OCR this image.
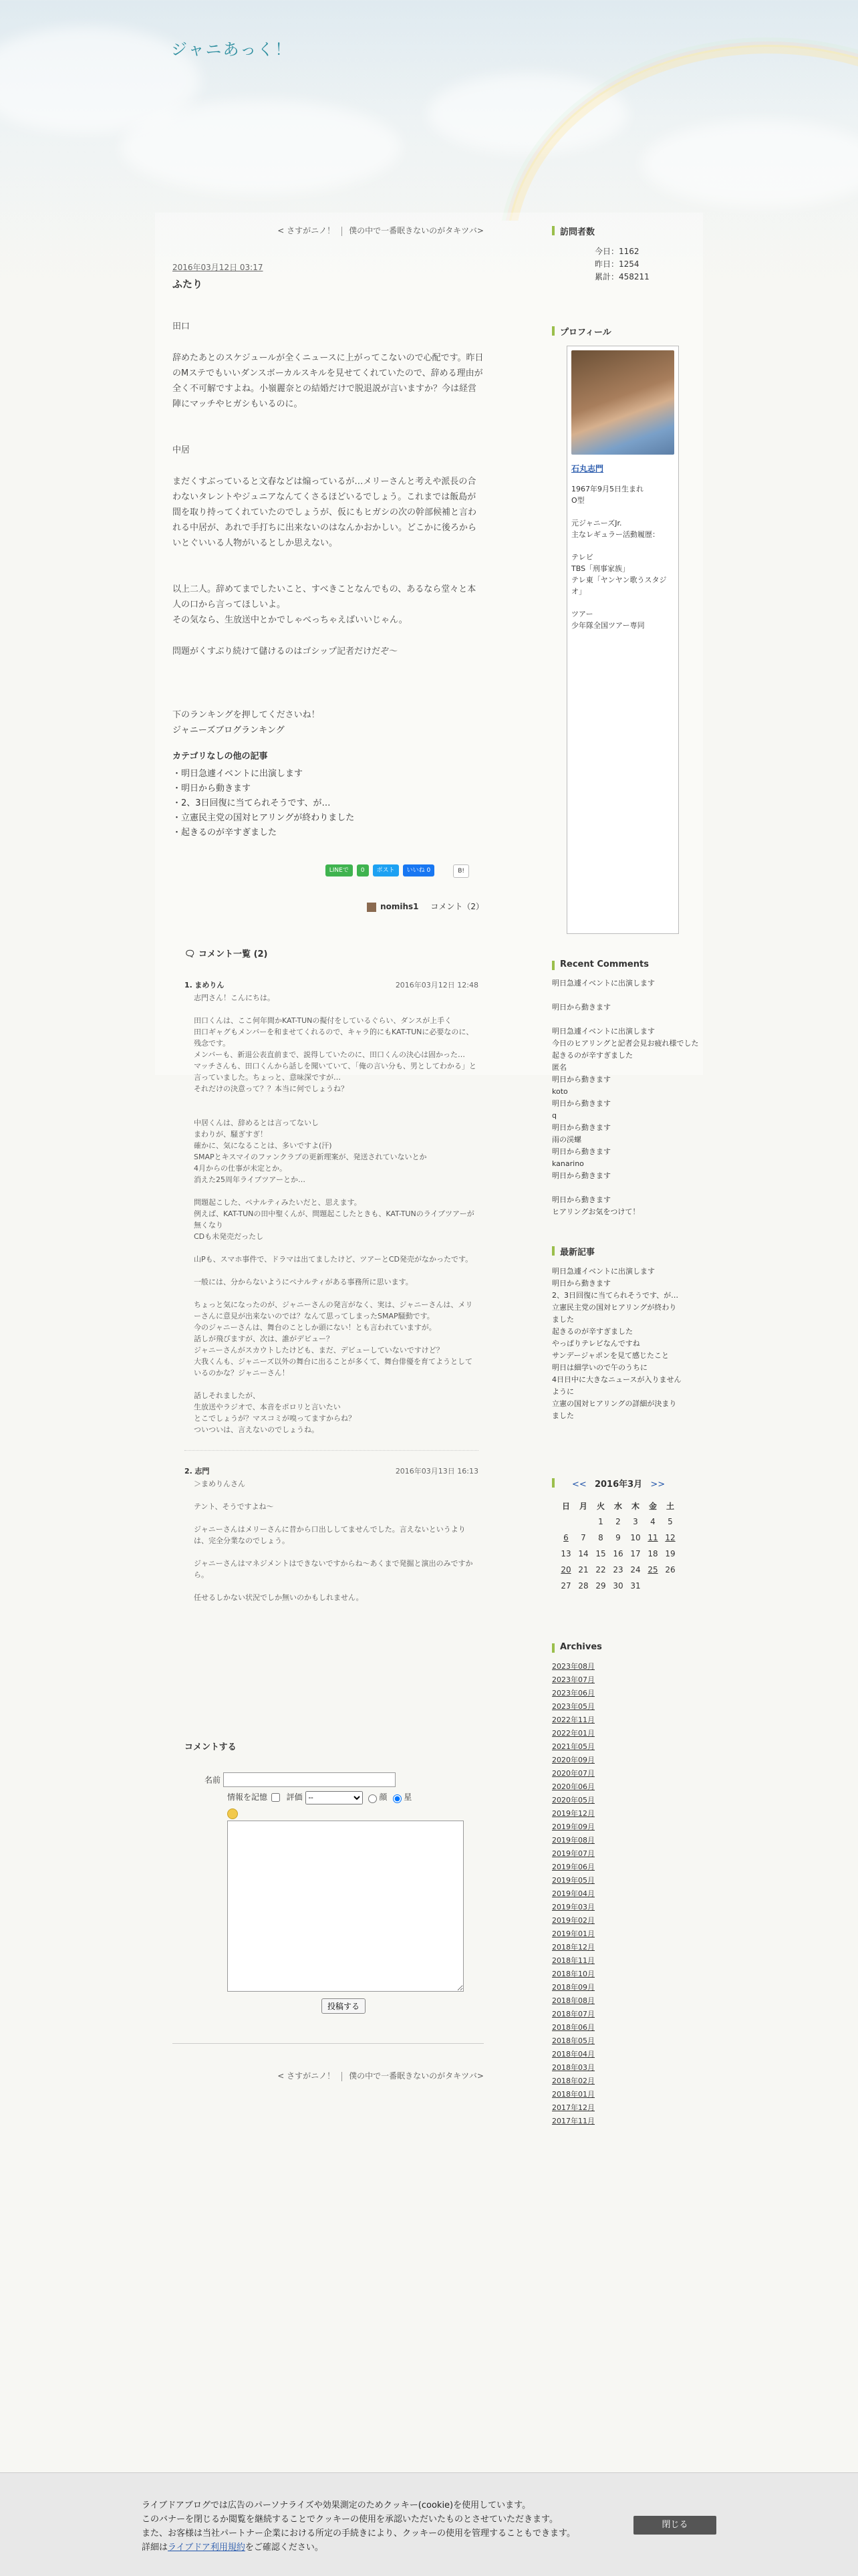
ジャニあっく！
< さすがニノ！ 僕の中で一番眠きないのがタキツバ>
2016年03月12日 03:17
ふたり

田口

辞めたあとのスケジュールが全くニュースに上がってこないので心配です。昨日のMステでもいいダンスボーカルスキルを見せてくれていたので、辞める理由が全く不可解ですよね。小嶺麗奈との結婚だけで脱退説が言いますか？今は経営陣にマッチやヒガシもいるのに。

中居

まだくすぶっていると文春などは煽っているが…メリーさんと考えや派長の合わないタレントやジュニアなんてくさるほどいるでしょう。これまでは飯島が間を取り持ってくれていたのでしょうが、仮にもヒガシの次の幹部候補と言われる中居が、あれで手打ちに出来ないのはなんかおかしい。どこかに後ろからいとぐいいる人物がいるとしか思えない。

以上二人。辞めてまでしたいこと、すべきことなんでもの、あるなら堂々と本人の口から言ってほしいよ。
その気なら、生放送中とかでしゃべっちゃえばいいじゃん。

問題がくすぶり続けて儲けるのはゴシップ記者だけだぞ〜

下のランキングを押してくださいね！

ジャニーズブログランキング

カテゴリなしの他の記事
・ 明日急遽イベントに出演します
・ 明日から動きます
・ 2、3日回復に当てられそうです、が…
・ 立憲民主党の国対ヒアリングが終わりました
・ 起きるのが辛すぎました
LINEで	0	ポスト	いいね 0	B!
nomihs1 コメント（2）
🗨 コメント一覧 (2)
1. まめりん	2016年03月12日 12:48
志門さん！こんにちは。

田口くんは、ここ何年間かKAT-TUNの擬付をしているぐらい、ダンスが上手く
田口ギャグもメンバーを和ませてくれるので、キャラ的にもKAT-TUNに必要なのに、残念です。
メンバーも、新退公表直前まで、説得していたのに、田口くんの決心は固かった…
マッチさんも、田口くんから話しを聞いていて、「俺の言い分も、男としてわかる」と言っていました。ちょっと、意味深ですが…
それだけの決意って？？本当に何でしょうね？

中居くんは、辞めるとは言ってないし
まわりが、騒ぎすぎ！
確かに、気になることは、多いですよ(汗)
SMAPとキスマイのファンクラブの更新理案が、発送されていないとか
4月からの仕事が未定とか。
消えた25周年ライブツアーとか…

問題起こした、ペナルティみたいだと、思えます。
例えば、KAT-TUNの田中聖くんが、問題起こしたときも、KAT-TUNのライブツアーが無くなり
CDも未発売だったし

山Pも、スマホ事件で、ドラマは出てましたけど、ツアーとCD発売がなかったです。

一般には、分からないようにペナルティがある事務所に思います。

ちょっと気になったのが、ジャニーさんの発言がなく、実は、ジャニーさんは、メリーさんに意見が出来ないのでは？なんて思ってしまったSMAP騒動です。
今のジャニーさんは、舞台のことしか頭にない！とも言われていますが。
話しが飛びますが、次は、誰がデビュー？
ジャニーさんがスカウトしたけども、まだ、デビューしていないですけど？
大我くんも、ジャニーズ以外の舞台に出ることが多くて、舞台俳優を育てようとしているのかな？ジャニーさん！

話しそれましたが、
生放送やラジオで、本音をポロリと言いたい
とこでしょうが？マスコミが嗅ってますからね？
ついついは、言えないのでしょうね。
2. 志門	2016年03月13日 16:13
＞まめりんさん

テント、そうですよね〜

ジャニーさんはメリーさんに昔から口出ししてませんでした。言えないというよりは、完全分業なのでしょう。

ジャニーさんはマネジメントはできないですからね〜あくまで発掘と演出のみですから。

任せるしかない状況でしか無いのかもしれません。
コメントする
名前
情報を記憶 評価
--	顔 星
投稿する
< さすがニノ！ 僕の中で一番眠きないのがタキツバ>
訪問者数
今日：1162
昨日：1254
累計：458211
プロフィール
石丸志門
1967年9月5日生まれ
O型
元ジャニーズJr.
主なレギュラー活動履歴：
テレビ
TBS「刑事家族」
テレ東「ヤンヤン歌うスタジオ」
ツアー
少年隊全国ツアー専同
Recent Comments
明日急遽イベントに出演します
明日から動きます
明日急遽イベントに出演します
今日のヒアリングと記者会見お疲れ様でした
起きるのが辛すぎました
匿名
明日から動きます
koto
明日から動きます
q
明日から動きます
雨の渓螺
明日から動きます
kanarino
明日から動きます
明日から動きます
ヒアリングお気をつけて！
最新記事
明日急遽イベントに出演します
明日から動きます
2、3日回復に当てられそうです、が…
立憲民主党の国対ヒアリングが終わりました
起きるのが辛すぎました
やっぱりテレビなんですね
サンデージャポンを見て感じたこと
明日は細学いので午のうちに
4日日中に大きなニュースが入りませんように
立憲の国対ヒアリングの詳細が決まりました
<< 2016年3月 >>
日	月	火	水	木	金	土
		1	2	3	4	5
6	7	8	9	10	11	12
13	14	15	16	17	18	19
20	21	22	23	24	25	26
27	28	29	30	31		
Archives
2023年08月
2023年07月
2023年06月
2023年05月
2022年11月
2022年01月
2021年05月
2020年09月
2020年07月
2020年06月
2020年05月
2019年12月
2019年09月
2019年08月
2019年07月
2019年06月
2019年05月
2019年04月
2019年03月
2019年02月
2019年01月
2018年12月
2018年11月
2018年10月
2018年09月
2018年08月
2018年07月
2018年06月
2018年05月
2018年04月
2018年03月
2018年02月
2018年01月
2017年12月
2017年11月
ライブドアブログでは広告のパーソナライズや効果測定のためクッキー(cookie)を使用しています。
このバナーを閉じるか閲覧を継続することでクッキーの使用を承認いただいたものとさせていただきます。
また、お客様は当社パートナー企業における所定の手続きにより、クッキーの使用を管理することもできます。
詳細はライブドア利用規約をご確認ください。
閉じる
